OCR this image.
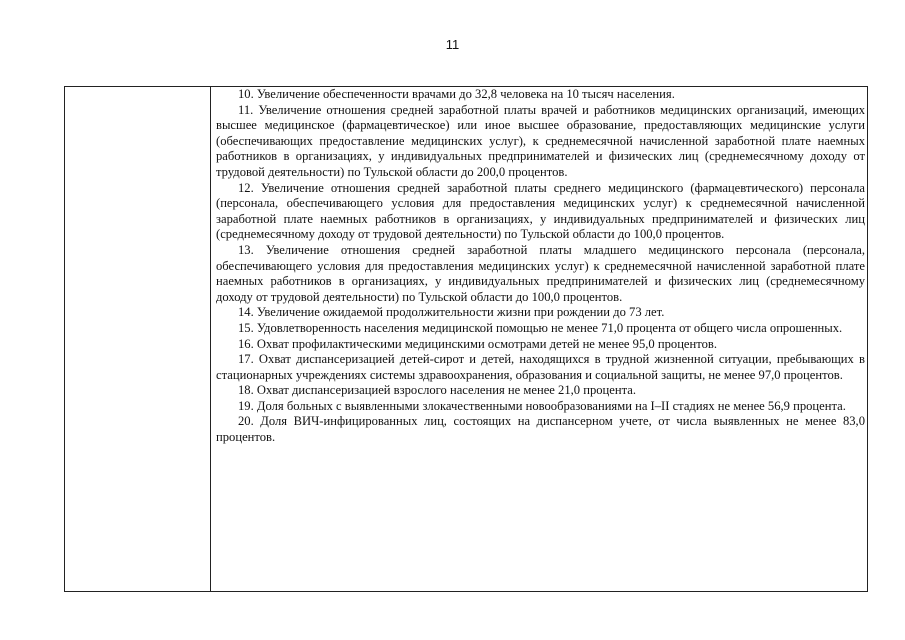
11

10. Увеличение обеспеченности врачами до 32,8 человека на 10 тысяч населения.

11. Увеличение отношения средней заработной платы врачей и работников медицинских организаций, имеющих высшее медицинское (фармацевтическое) или иное высшее образование, предоставляющих медицинские услуги (обеспечивающих предоставление медицинских услуг), к среднемесячной начисленной заработной плате наемных работников в организациях, у индивидуальных предпринимателей и физических лиц (среднемесячному доходу от трудовой деятельности) по Тульской области до 200,0 процентов.

12. Увеличение отношения средней заработной платы среднего медицинского (фармацевтического) персонала (персонала, обеспечивающего условия для предоставления медицинских услуг) к среднемесячной начисленной заработной плате наемных работников в организациях, у индивидуальных предпринимателей и физических лиц (среднемесячному доходу от трудовой деятельности) по Тульской области до 100,0 процентов.

13. Увеличение отношения средней заработной платы младшего медицинского персонала (персонала, обеспечивающего условия для предоставления медицинских услуг) к среднемесячной начисленной заработной плате наемных работников в организациях, у индивидуальных предпринимателей и физических лиц (среднемесячному доходу от трудовой деятельности) по Тульской области до 100,0 процентов.

14. Увеличение ожидаемой продолжительности жизни при рождении до 73 лет.

15. Удовлетворенность населения медицинской помощью не менее 71,0 процента от общего числа опрошенных.

16. Охват профилактическими медицинскими осмотрами детей не менее 95,0 процентов.

17. Охват диспансеризацией детей-сирот и детей, находящихся в трудной жизненной ситуации, пребывающих в стационарных учреждениях системы здравоохранения, образования и социальной защиты, не менее 97,0 процентов.

18. Охват диспансеризацией взрослого населения не менее 21,0 процента.

19. Доля больных с выявленными злокачественными новообразованиями на I–II стадиях не менее 56,9 процента.

20. Доля ВИЧ-инфицированных лиц, состоящих на диспансерном учете, от числа выявленных не менее 83,0 процентов.
